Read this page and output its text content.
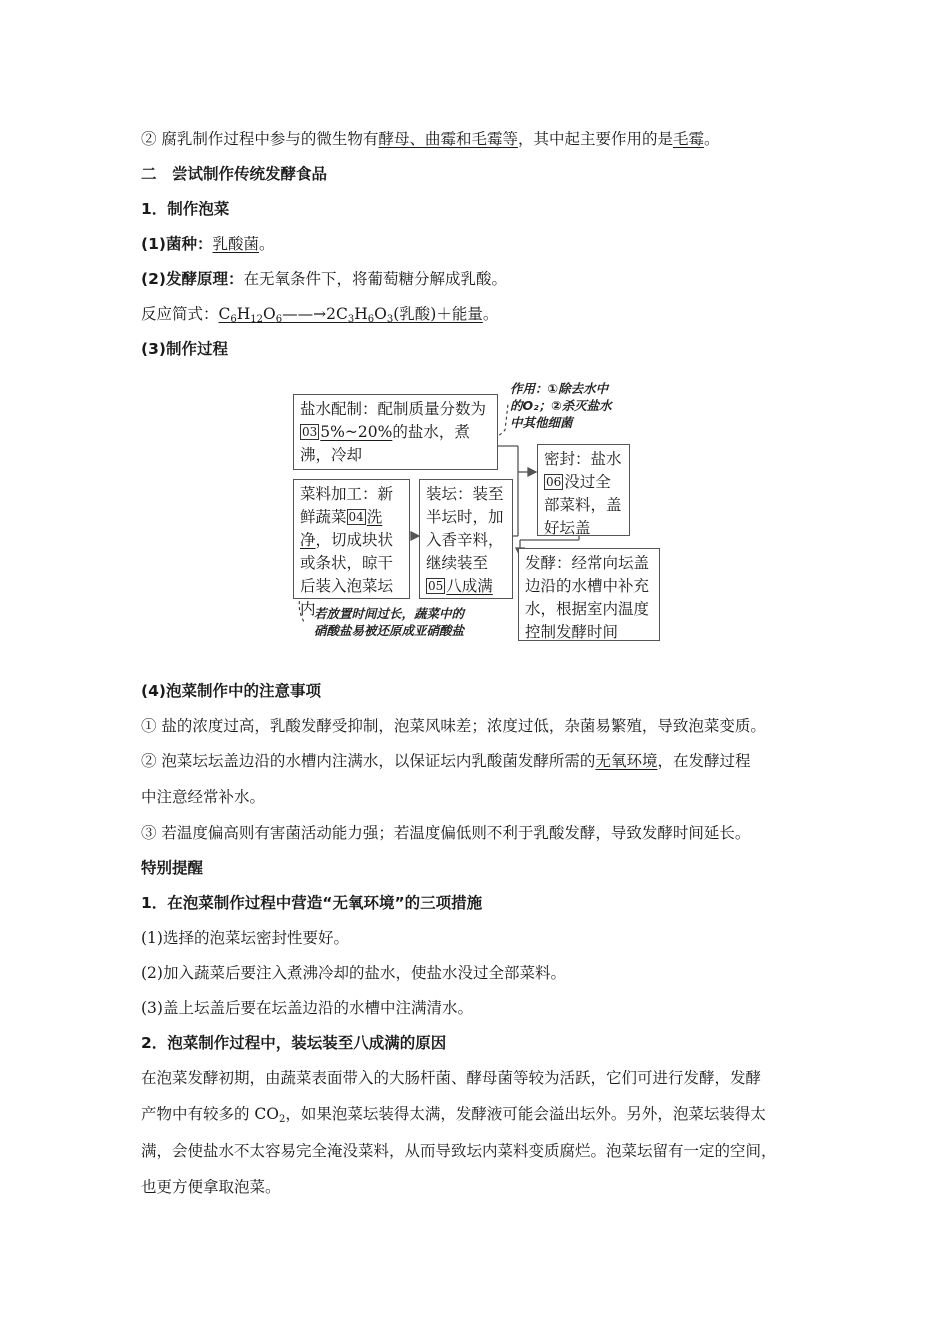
② 腐乳制作过程中参与的微生物有酵母、曲霉和毛霉等，其中起主要作用的是毛霉。
二　尝试制作传统发酵食品
1．制作泡菜
(1)菌种：乳酸菌。
(2)发酵原理：在无氧条件下，将葡萄糖分解成乳酸。
反应简式：$C_6H_{12}O_6——\to 2C_3H_6O_3$(乳酸)＋能量。
(3)制作过程
盐水配制：配制质量分数为03 5%~20%的盐水，煮沸，冷却
菜料加工：新鲜蔬菜 04 洗净，切成块状或条状，晾干后装入泡菜坛内
装坛：装至半坛时，加入香辛料，继续装至05 八成满
密封：盐水06 没过全部菜料，盖好坛盖
发酵：经常向坛盖边沿的水槽中补充水，根据室内温度控制发酵时间
作用：①除去水中
的O₂；②杀灭盐水
中其他细菌
若放置时间过长，蔬菜中的
硝酸盐易被还原成亚硝酸盐
(4)泡菜制作中的注意事项
① 盐的浓度过高，乳酸发酵受抑制，泡菜风味差；浓度过低，杂菌易繁殖，导致泡菜变质。
② 泡菜坛坛盖边沿的水槽内注满水，以保证坛内乳酸菌发酵所需的无氧环境，在发酵过程
中注意经常补水。
③ 若温度偏高则有害菌活动能力强；若温度偏低则不利于乳酸发酵，导致发酵时间延长。
特别提醒
1．在泡菜制作过程中营造“无氧环境”的三项措施
(1)选择的泡菜坛密封性要好。
(2)加入蔬菜后要注入煮沸冷却的盐水，使盐水没过全部菜料。
(3)盖上坛盖后要在坛盖边沿的水槽中注满清水。
2．泡菜制作过程中，装坛装至八成满的原因
在泡菜发酵初期，由蔬菜表面带入的大肠杆菌、酵母菌等较为活跃，它们可进行发酵，发酵
产物中有较多的 $CO_2$，如果泡菜坛装得太满，发酵液可能会溢出坛外。另外，泡菜坛装得太
满，会使盐水不太容易完全淹没菜料，从而导致坛内菜料变质腐烂。泡菜坛留有一定的空间，
也更方便拿取泡菜。
